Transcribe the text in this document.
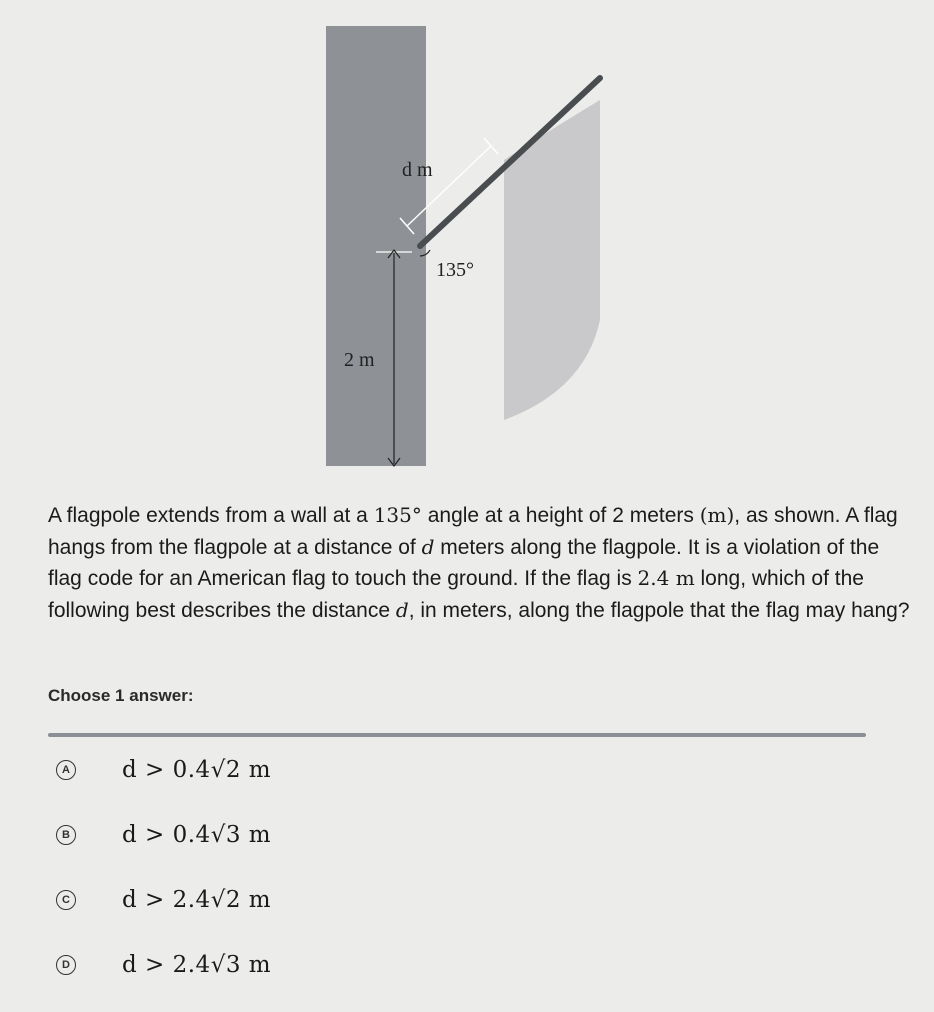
d m
135°
2 m
A flagpole extends from a wall at a 135° angle at a height of 2 meters (m), as shown. A flag hangs from the flagpole at a distance of d meters along the flagpole. It is a violation of the flag code for an American flag to touch the ground. If the flag is 2.4 m long, which of the following best describes the distance d, in meters, along the flagpole that the flag may hang?
Choose 1 answer:
A d > 0.4√2 m
B d > 0.4√3 m
C d > 2.4√2 m
D d > 2.4√3 m
